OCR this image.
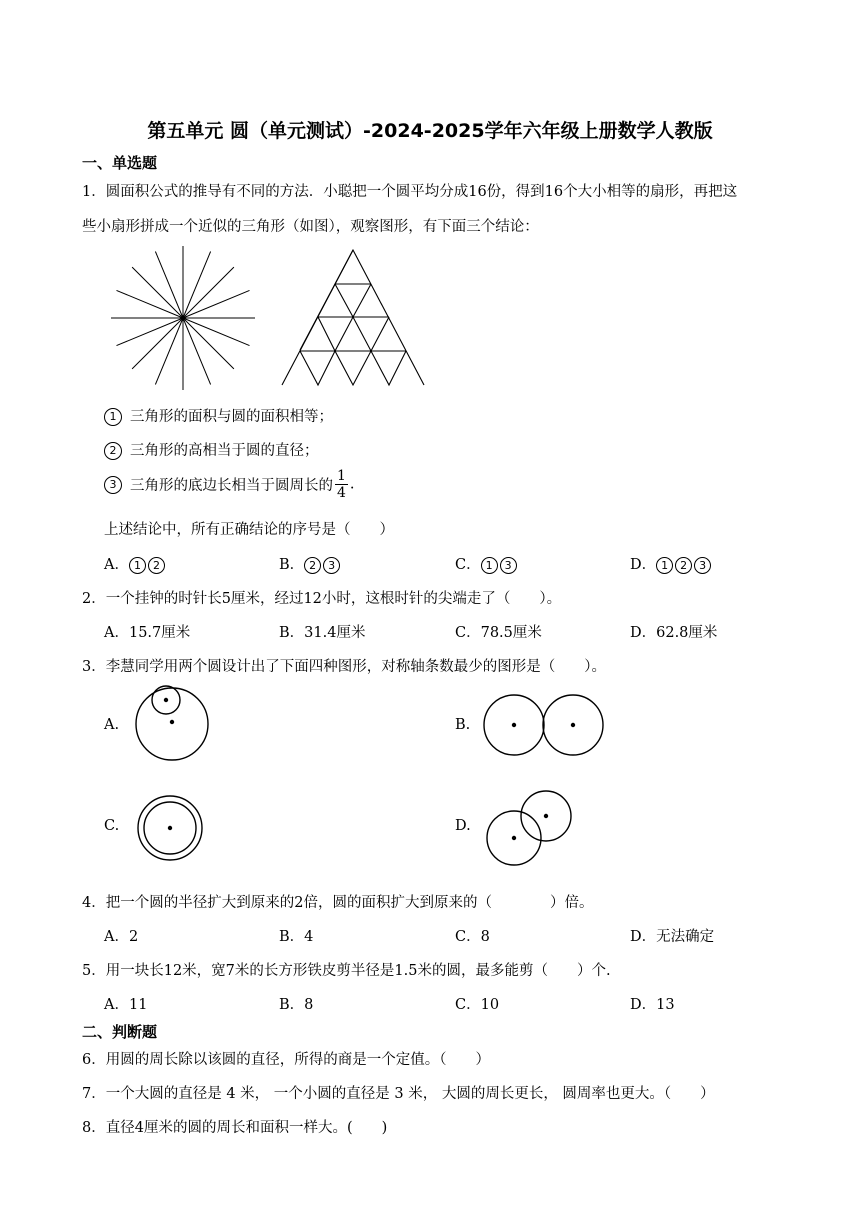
第五单元 圆（单元测试）-2024-2025学年六年级上册数学人教版
一、单选题
1．圆面积公式的推导有不同的方法．小聪把一个圆平均分成16份，得到16个大小相等的扇形，再把这
些小扇形拼成一个近似的三角形（如图），观察图形，有下面三个结论：
1 三角形的面积与圆的面积相等；
2 三角形的高相当于圆的直径；
3 三角形的底边长相当于圆周长的 $\frac{1}{4}$ .
上述结论中，所有正确结论的序号是（　　）
A． 1 2	B． 2 3	C． 1 3	D． 1 2 3
2．一个挂钟的时针长5厘米，经过12小时，这根时针的尖端走了（　　）。
A．15.7厘米	B．31.4厘米	C．78.5厘米	D．62.8厘米
3．李慧同学用两个圆设计出了下面四种图形，对称轴条数最少的图形是（　　）。
A.	B.
C.	D.
4．把一个圆的半径扩大到原来的2倍，圆的面积扩大到原来的（　　　　）倍。
A．2	B．4	C．8	D．无法确定
5．用一块长12米，宽7米的长方形铁皮剪半径是1.5米的圆，最多能剪（　　）个.
A．11	B．8	C．10	D．13
二、判断题
6．用圆的周长除以该圆的直径，所得的商是一个定值。（　　）
7．一个大圆的直径是 4 米， 一个小圆的直径是 3 米， 大圆的周长更长， 圆周率也更大。（　　）
8．直径4厘米的圆的周长和面积一样大。(　　)
